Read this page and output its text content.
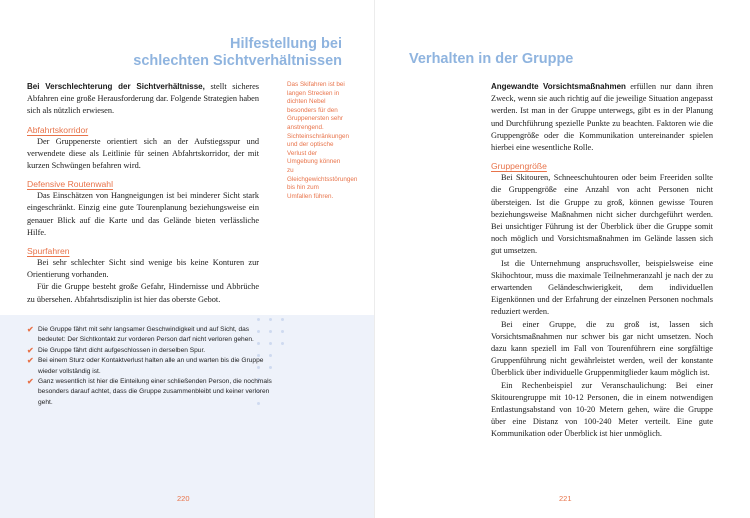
Hilfestellung bei
schlechten Sichtverhältnissen

Bei Verschlechterung der Sichtverhältnisse, stellt sicheres Abfahren eine große Herausforderung dar. Folgende Strategien haben sich als nützlich erwiesen.

Abfahrtskorridor

Der Gruppenerste orientiert sich an der Aufstiegsspur und verwendete diese als Leitlinie für seinen Abfahrtskorridor, der mit kurzen Schwüngen befahren wird.

Defensive Routenwahl

Das Einschätzen von Hangneigungen ist bei minderer Sicht stark eingeschränkt. Einzig eine gute Tourenplanung beziehungsweise ein genauer Blick auf die Karte und das Gelände bieten verlässliche Hilfe.

Spurfahren

Bei sehr schlechter Sicht sind wenige bis keine Konturen zur Orientierung vorhanden.

Für die Gruppe besteht große Gefahr, Hindernisse und Abbrüche zu übersehen. Abfahrtsdisziplin ist hier das oberste Gebot.

Das Skifahren ist bei langen Strecken in dichten Nebel besonders für den Gruppenersten sehr anstrengend. Sichteinschränkungen und der optische Verlust der Umgebung können zu Gleichgewichtsstörungen bis hin zum Umfallen führen.
✔ Die Gruppe fährt mit sehr langsamer Geschwindigkeit und auf Sicht, das bedeutet: Der Sichtkontakt zur vorderen Person darf nicht verloren gehen.
✔ Die Gruppe fährt dicht aufgeschlossen in derselben Spur.
✔ Bei einem Sturz oder Kontaktverlust halten alle an und warten bis die Gruppe wieder vollständig ist.
✔ Ganz wesentlich ist hier die Einteilung einer schließenden Person, die nochmals besonders darauf achtet, dass die Gruppe zusammenbleibt und keiner verloren geht.
220
Verhalten in der Gruppe

Angewandte Vorsichtsmaßnahmen erfüllen nur dann ihren Zweck, wenn sie auch richtig auf die jeweilige Situation angepasst werden. Ist man in der Gruppe unterwegs, gibt es in der Planung und Durchführung spezielle Punkte zu beachten. Faktoren wie die Gruppengröße oder die Kommunikation untereinander spielen hierbei eine wesentliche Rolle.

Gruppengröße

Bei Skitouren, Schneeschuhtouren oder beim Freeriden sollte die Gruppengröße eine Anzahl von acht Personen nicht übersteigen. Ist die Gruppe zu groß, können gewisse Touren beziehungsweise Maßnahmen nicht sicher durchgeführt werden. Bei unsichtiger Führung ist der Überblick über die Gruppe somit noch möglich und Vorsichtsmaßnahmen im Gelände lassen sich gut umsetzen.

Ist die Unternehmung anspruchsvoller, beispielsweise eine Skihochtour, muss die maximale Teilnehmeranzahl je nach der zu erwartenden Geländeschwierigkeit, dem individuellen Eigenkönnen und der Erfahrung der einzelnen Personen nochmals reduziert werden.

Bei einer Gruppe, die zu groß ist, lassen sich Vorsichtsmaßnahmen nur schwer bis gar nicht umsetzen. Noch dazu kann speziell im Fall von Tourenführern eine sorgfältige Gruppenführung nicht gewährleistet werden, weil der konstante Überblick über individuelle Gruppenmitglieder kaum möglich ist.

Ein Rechenbeispiel zur Veranschaulichung: Bei einer Skitourengruppe mit 10-12 Personen, die in einem notwendigen Entlastungsabstand von 10-20 Metern gehen, wäre die Gruppe über eine Distanz von 100-240 Meter verteilt. Eine gute Kommunikation oder Überblick ist hier unmöglich.

221
